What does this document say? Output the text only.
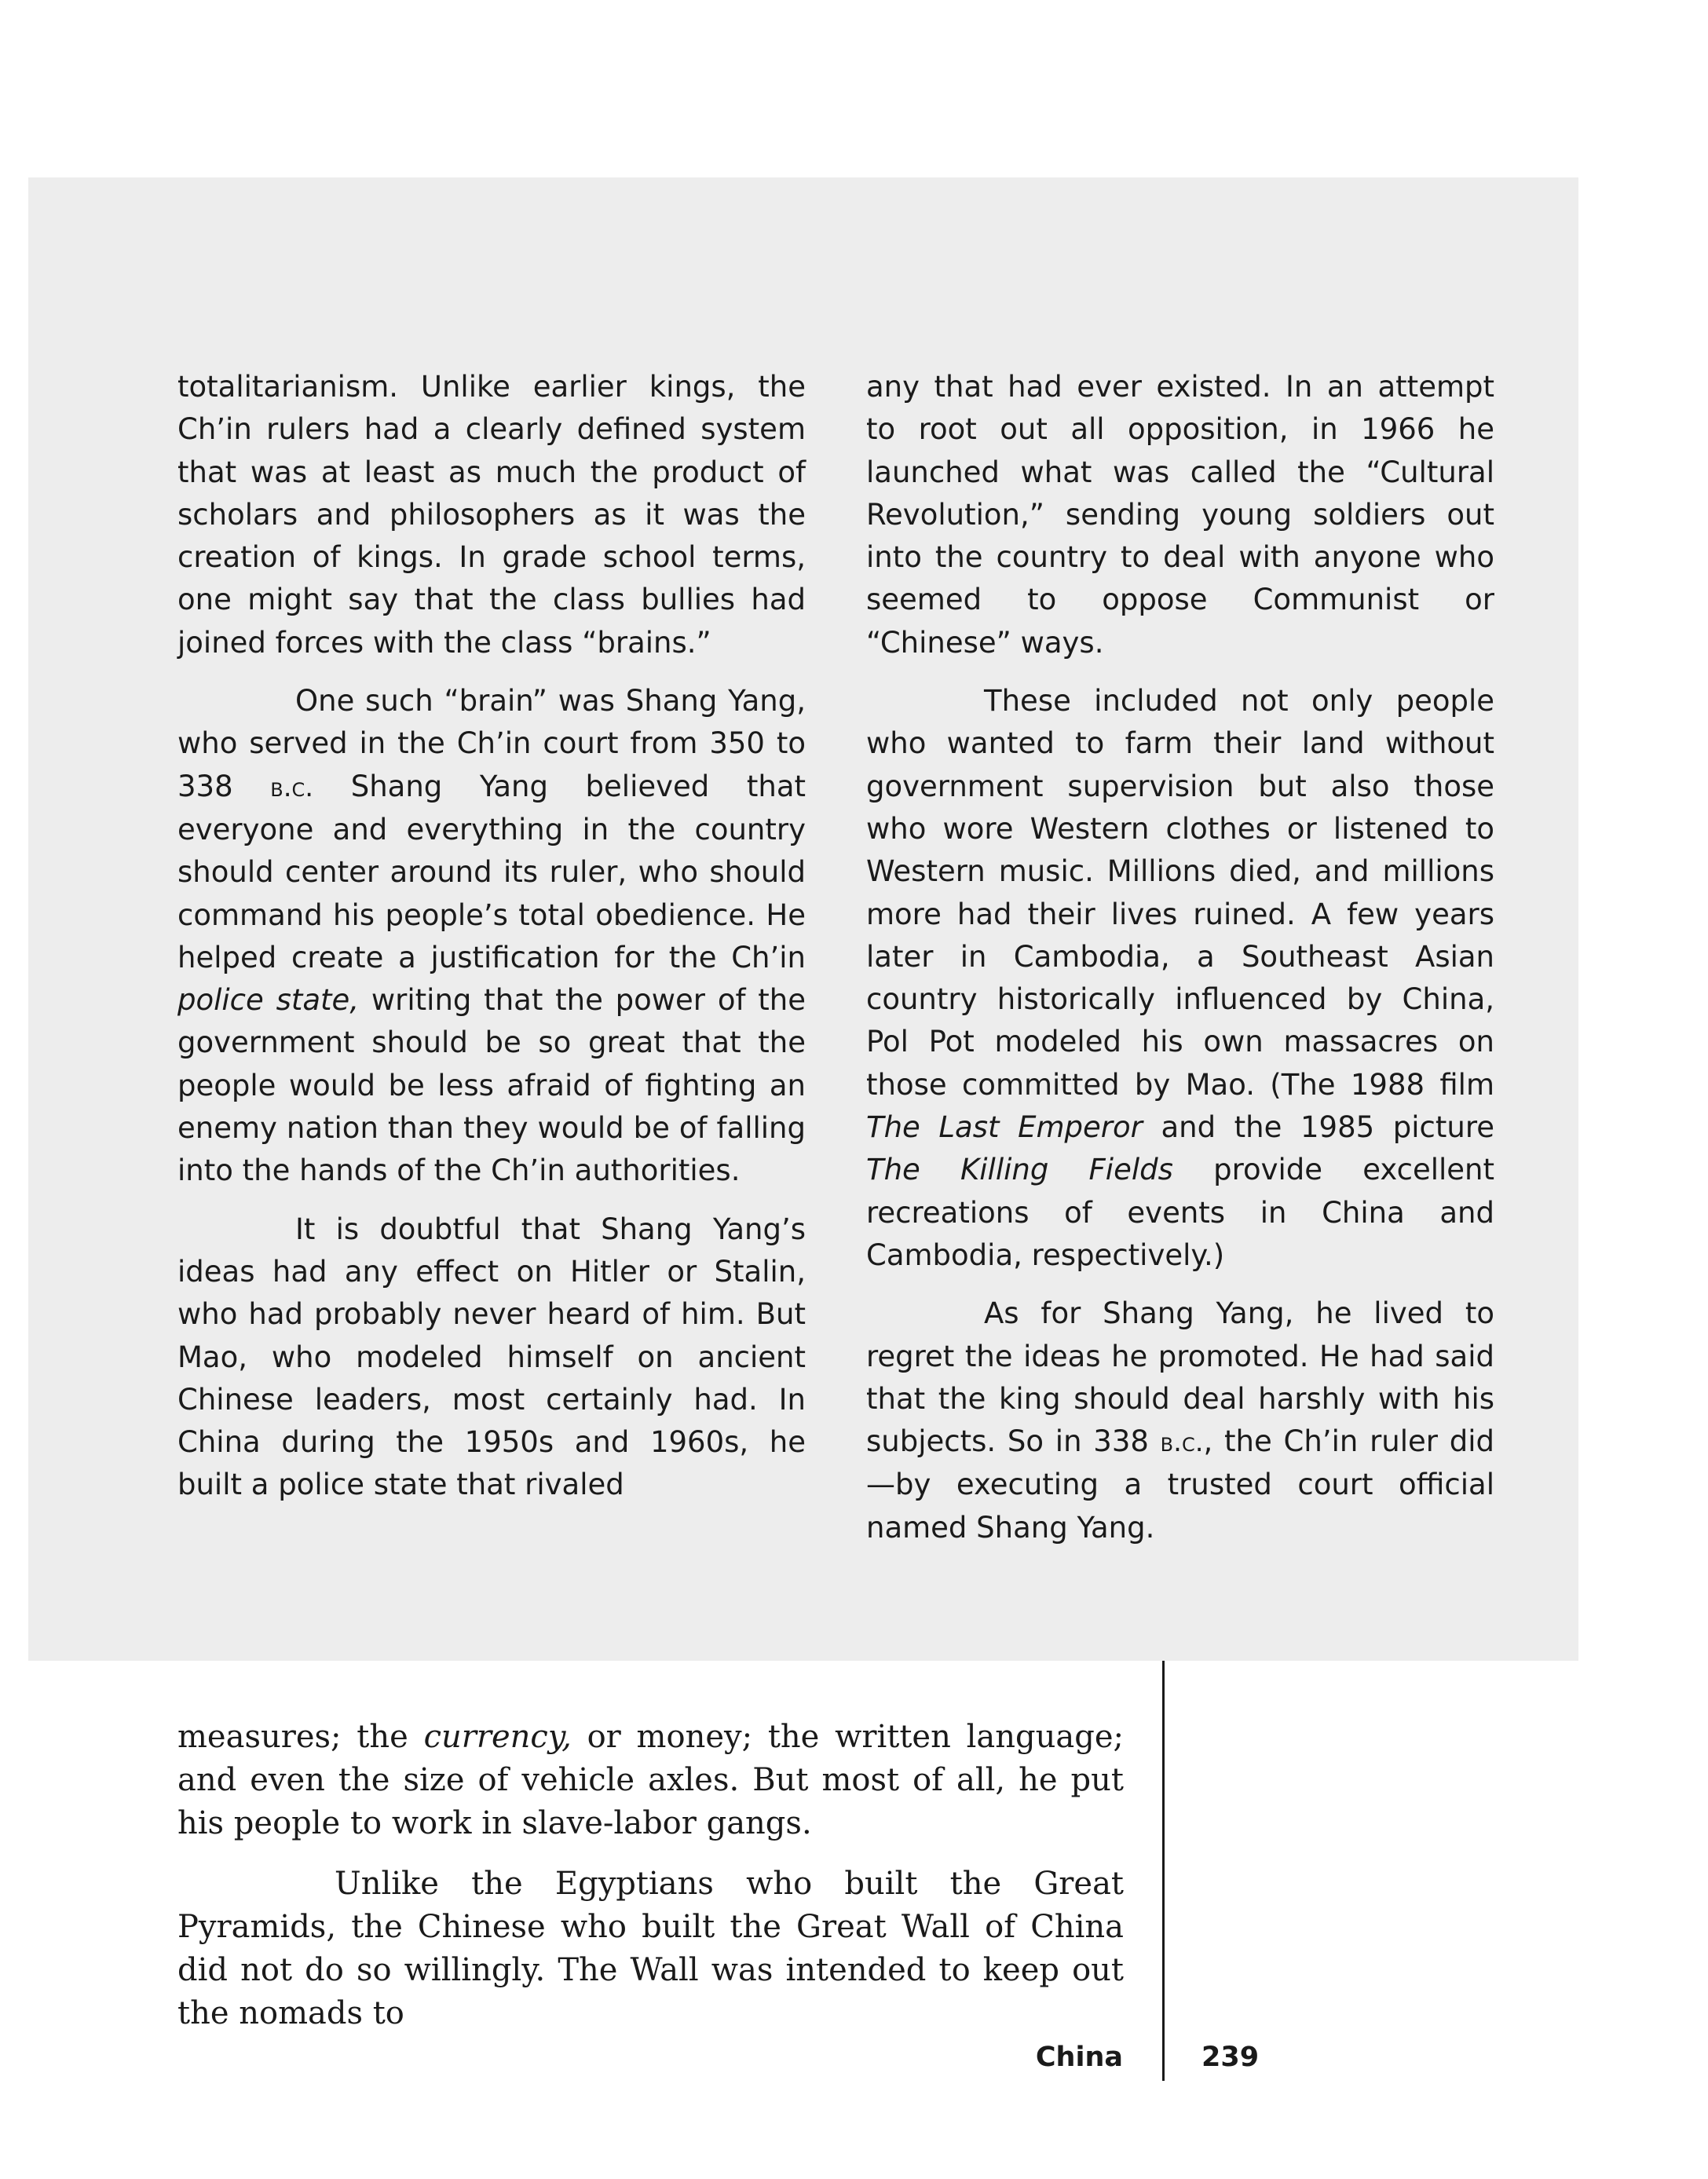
totalitarianism. Unlike earlier kings, the Ch’in rulers had a clearly defined system that was at least as much the product of scholars and philosophers as it was the creation of kings. In grade school terms, one might say that the class bullies had joined forces with the class “brains.”

One such “brain” was Shang Yang, who served in the Ch’in court from 350 to 338 b.c. Shang Yang believed that everyone and everything in the country should center around its ruler, who should command his people’s total obedience. He helped create a justification for the Ch’in police state, writing that the power of the government should be so great that the people would be less afraid of fighting an enemy nation than they would be of falling into the hands of the Ch’in authorities.

It is doubtful that Shang Yang’s ideas had any effect on Hitler or Stalin, who had probably never heard of him. But Mao, who modeled himself on ancient Chinese leaders, most certainly had. In China during the 1950s and 1960s, he built a police state that rivaled

any that had ever existed. In an attempt to root out all opposition, in 1966 he launched what was called the “Cultural Revolution,” sending young soldiers out into the country to deal with anyone who seemed to oppose Communist or “Chinese” ways.

These included not only people who wanted to farm their land without government supervision but also those who wore Western clothes or listened to Western music. Millions died, and millions more had their lives ruined. A few years later in Cambodia, a Southeast Asian country historically influenced by China, Pol Pot modeled his own massacres on those committed by Mao. (The 1988 film The Last Emperor and the 1985 picture The Killing Fields provide excellent recreations of events in China and Cambodia, respectively.)

As for Shang Yang, he lived to regret the ideas he promoted. He had said that the king should deal harshly with his subjects. So in 338 b.c., the Ch’in ruler did—by executing a trusted court official named Shang Yang.

measures; the currency, or money; the written language; and even the size of vehicle axles. But most of all, he put his people to work in slave-labor gangs.

Unlike the Egyptians who built the Great Pyramids, the Chinese who built the Great Wall of China did not do so willingly. The Wall was intended to keep out the nomads to

China	239
